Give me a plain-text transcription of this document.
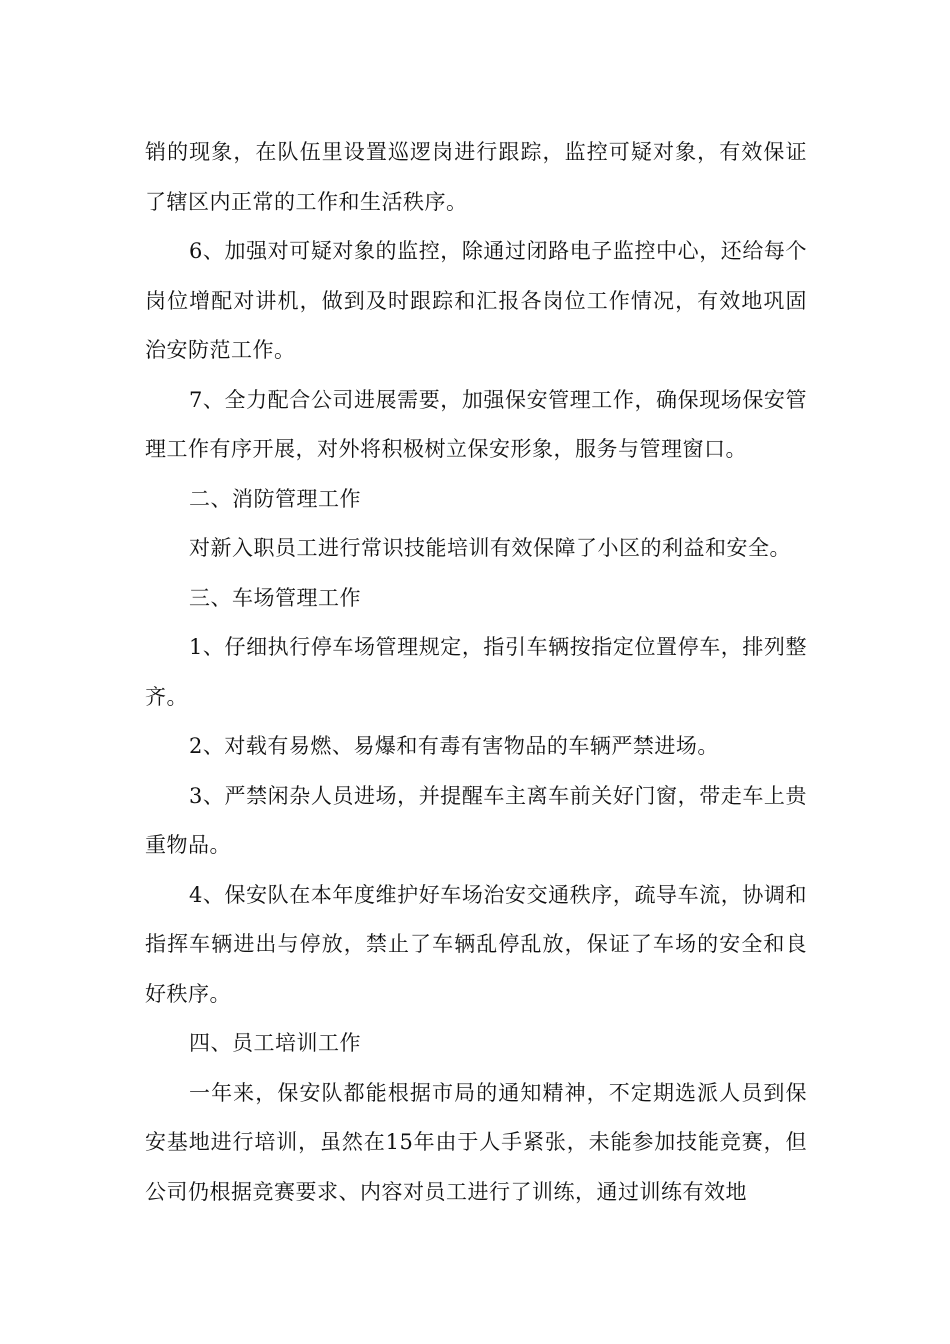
销的现象，在队伍里设置巡逻岗进行跟踪，监控可疑对象，有效保证了辖区内正常的工作和生活秩序。

6、加强对可疑对象的监控，除通过闭路电子监控中心，还给每个岗位增配对讲机，做到及时跟踪和汇报各岗位工作情况，有效地巩固治安防范工作。

7、全力配合公司进展需要，加强保安管理工作，确保现场保安管理工作有序开展，对外将积极树立保安形象，服务与管理窗口。

二、消防管理工作

对新入职员工进行常识技能培训有效保障了小区的利益和安全。

三、车场管理工作

1、仔细执行停车场管理规定，指引车辆按指定位置停车，排列整齐。

2、对载有易燃、易爆和有毒有害物品的车辆严禁进场。

3、严禁闲杂人员进场，并提醒车主离车前关好门窗，带走车上贵重物品。

4、保安队在本年度维护好车场治安交通秩序，疏导车流，协调和指挥车辆进出与停放，禁止了车辆乱停乱放，保证了车场的安全和良好秩序。

四、员工培训工作

一年来，保安队都能根据市局的通知精神，不定期选派人员到保安基地进行培训，虽然在15年由于人手紧张，未能参加技能竞赛，但公司仍根据竞赛要求、内容对员工进行了训练，通过训练有效地
